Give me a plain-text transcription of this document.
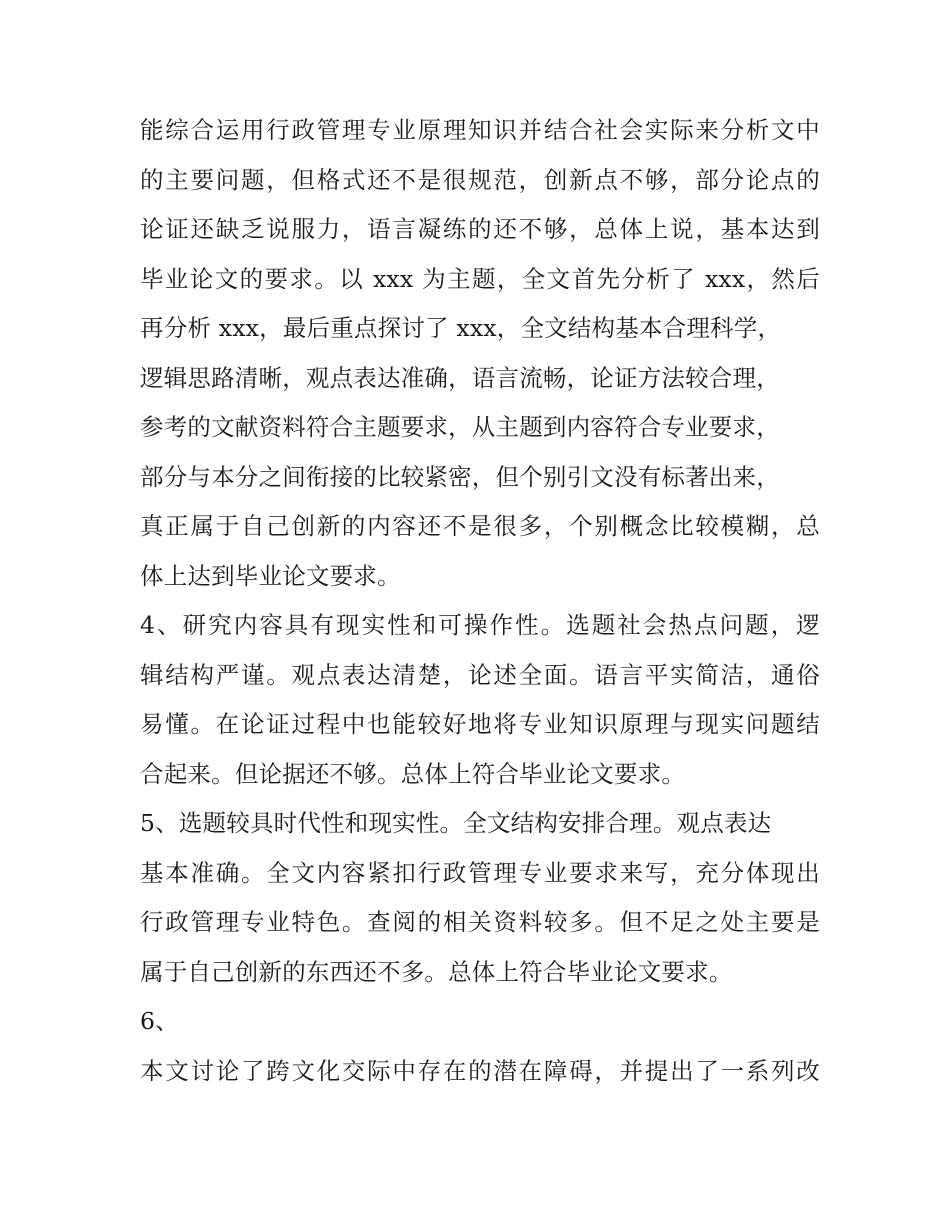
能综合运用行政管理专业原理知识并结合社会实际来分析文中
的主要问题，但格式还不是很规范，创新点不够，部分论点的
论证还缺乏说服力，语言凝练的还不够，总体上说，基本达到
毕业论文的要求。以 xxx 为主题，全文首先分析了 xxx，然后
再分析 xxx，最后重点探讨了 xxx，全文结构基本合理科学，
逻辑思路清晰，观点表达准确，语言流畅，论证方法较合理，
参考的文献资料符合主题要求，从主题到内容符合专业要求，
部分与本分之间衔接的比较紧密，但个别引文没有标著出来，
真正属于自己创新的内容还不是很多，个别概念比较模糊，总
体上达到毕业论文要求。
4、研究内容具有现实性和可操作性。选题社会热点问题，逻
辑结构严谨。观点表达清楚，论述全面。语言平实简洁，通俗
易懂。在论证过程中也能较好地将专业知识原理与现实问题结
合起来。但论据还不够。总体上符合毕业论文要求。
5、选题较具时代性和现实性。全文结构安排合理。观点表达
基本准确。全文内容紧扣行政管理专业要求来写，充分体现出
行政管理专业特色。查阅的相关资料较多。但不足之处主要是
属于自己创新的东西还不多。总体上符合毕业论文要求。
6、
本文讨论了跨文化交际中存在的潜在障碍，并提出了一系列改
